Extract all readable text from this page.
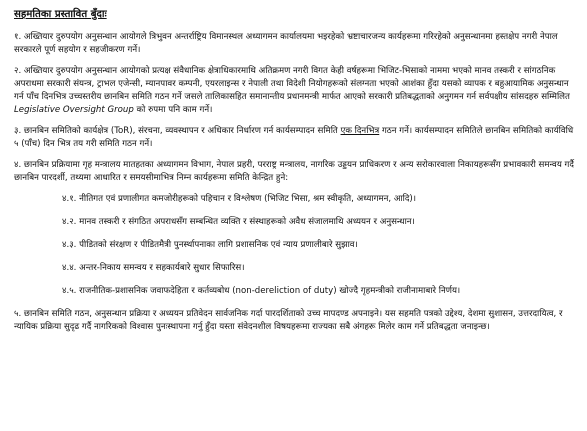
सहमतिका प्रस्तावित बुँदाः
१. अख्तियार दुरुपयोग अनुसन्धान आयोगले त्रिभुवन अन्तर्राष्ट्रिय विमानस्थल अध्यागमन कार्यालयमा भइरहेको भ्रष्टाचारजन्य कार्यहरूमा गरिरहेको अनुसन्धानमा हस्तक्षेप नगरी नेपाल सरकारले पूर्ण सहयोग र सहजीकरण गर्ने।
२. अख्तियार दुरुपयोग अनुसन्धान आयोगको प्रत्यक्ष संवैधानिक क्षेत्राधिकारमाथि अतिक्रमण नगरी विगत केही वर्षहरूमा भिजिट-भिसाको नाममा भएको मानव तस्करी र सांगठनिक अपराधमा सरकारी संयन्त्र, ट्राभल एजेन्सी, म्यानपावर कम्पनी, एयरलाइन्स र नेपाली तथा विदेशी नियोगहरूको संलग्नता भएको आशंका हुँदा यसको व्यापक र बहुआयामिक अनुसन्धान गर्न पाँच दिनभित्र उच्चस्तरीय छानबिन समिति गठन गर्ने जसले तालिकासहित समानान्तीय प्रधानमन्त्री मार्फत आएको सरकारी प्रतिबद्धताको अनुगमन गर्न सर्वपक्षीय सांसदहरु सम्मिलित Legislative Oversight Group को रुपमा पनि काम गर्ने।
३. छानबिन समितिको कार्यक्षेत्र (ToR), संरचना, व्यवस्थापन र अधिकार निर्धारण गर्न कार्यसम्पादन समिति एक दिनभित्र गठन गर्ने। कार्यसम्पादन समितिले छानबिन समितिको कार्यविधि ५ (पाँच) दिन भित्र तय गरी समिति गठन गर्ने।
४. छानबिन प्रक्रियामा गृह मन्त्रालय मातहतका अध्यागमन विभाग, नेपाल प्रहरी, परराष्ट्र मन्त्रालय, नागरिक उड्डयन प्राधिकरण र अन्य सरोकारवाला निकायहरूसँग प्रभावकारी समन्वय गर्दै छानबिन पारदर्शी, तथ्यमा आधारित र समयसीमाभित्र निम्न कार्यहरूमा समिति केन्द्रित हुने:
४.१. नीतिगत एवं प्रणालीगत कमजोरीहरूको पहिचान र विश्लेषण (भिजिट भिसा, श्रम स्वीकृति, अध्यागमन, आदि)।
४.२. मानव तस्करी र संगठित अपराधसँग सम्बन्धित व्यक्ति र संस्थाहरूको अवैध संजालमाथि अध्ययन र अनुसन्धान।
४.३. पीडितको संरक्षण र पीडितमैत्री पुनर्स्थापनाका लागि प्रशासनिक एवं न्याय प्रणालीबारे सुझाव।
४.४. अन्तर-निकाय समन्वय र सहकार्यबारे सुधार सिफारिस।
४.५. राजनीतिक-प्रशासनिक जवाफदेहिता र कर्तव्यबोध (non-dereliction of duty) खोज्दै गृहमन्त्रीको राजीनामाबारे निर्णय।
५. छानबिन समिति गठन, अनुसन्धान प्रक्रिया र अध्ययन प्रतिवेदन सार्वजनिक गर्दा पारदर्शिताको उच्च मापदण्ड अपनाइने। यस सहमति पत्रको उद्देश्य, देशमा सुशासन, उत्तरदायित्व, र न्यायिक प्रक्रिया सुदृढ गर्दै नागरिकको विश्वास पुनःस्थापना गर्नु हुँदा यस्ता संवेदनशील विषयहरूमा राज्यका सबै अंगहरू मिलेर काम गर्ने प्रतिबद्धता जनाइन्छ।
